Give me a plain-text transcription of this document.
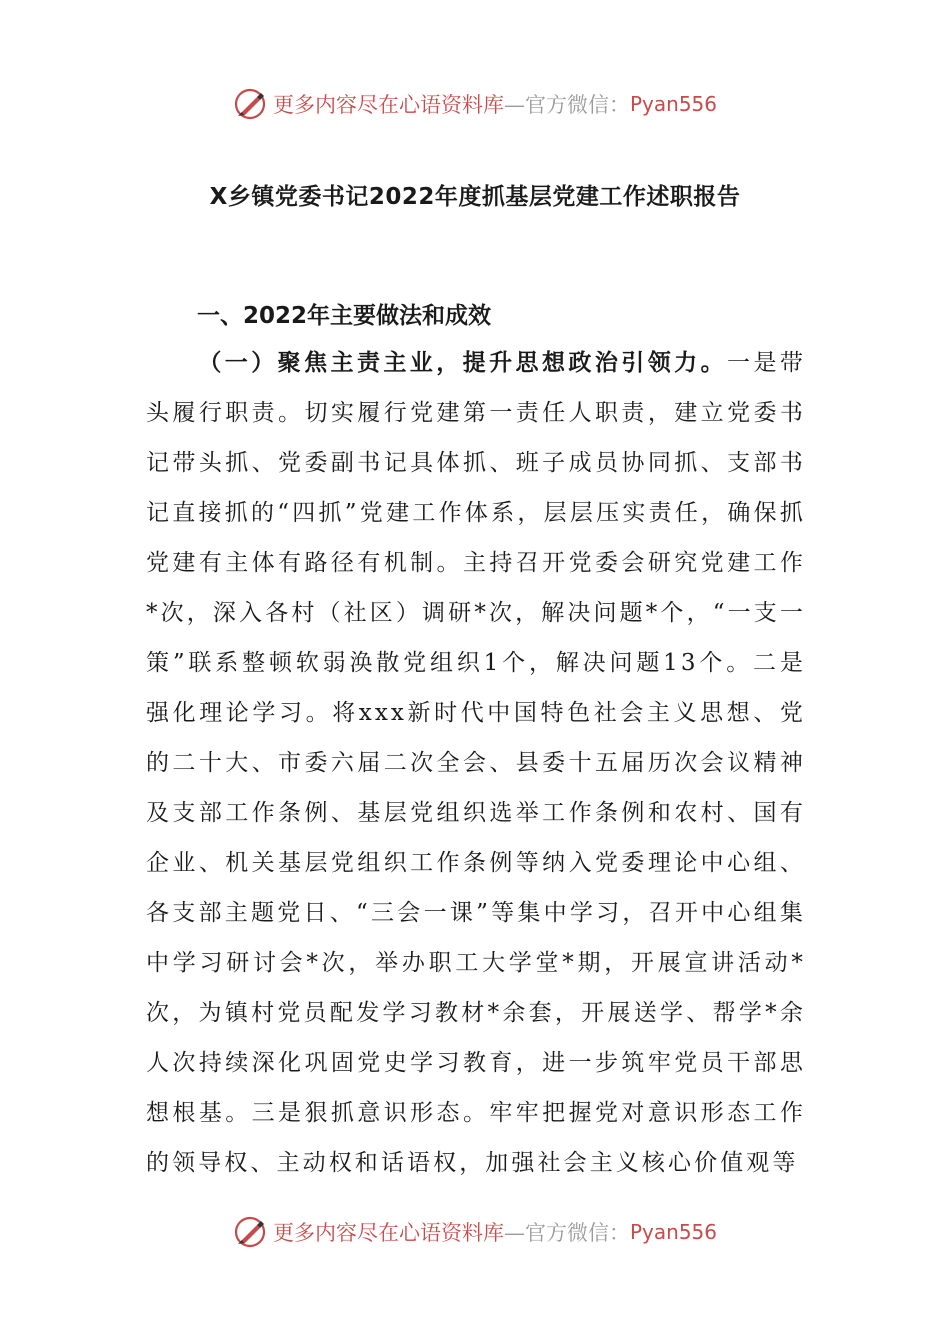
更多内容尽在心语资料库 —官方微信： Pyan556
X乡镇党委书记2022年度抓基层党建工作述职报告
一、2022年主要做法和成效

（一）聚焦主责主业，提升思想政治引领力。一是带头履行职责。切实履行党建第一责任人职责，建立党委书记带头抓、党委副书记具体抓、班子成员协同抓、支部书记直接抓的“四抓”党建工作体系，层层压实责任，确保抓党建有主体有路径有机制。主持召开党委会研究党建工作*次，深入各村（社区）调研*次，解决问题*个，“一支一策”联系整顿软弱涣散党组织1个，解决问题13个。二是强化理论学习。将xxx新时代中国特色社会主义思想、党的二十大、市委六届二次全会、县委十五届历次会议精神及支部工作条例、基层党组织选举工作条例和农村、国有企业、机关基层党组织工作条例等纳入党委理论中心组、各支部主题党日、“三会一课”等集中学习，召开中心组集中学习研讨会*次，举办职工大学堂*期，开展宣讲活动*次，为镇村党员配发学习教材*余套，开展送学、帮学*余人次持续深化巩固党史学习教育，进一步筑牢党员干部思想根基。三是狠抓意识形态。牢牢把握党对意识形态工作的领导权、主动权和话语权，加强社会主义核心价值观等

更多内容尽在心语资料库 —官方微信： Pyan556
